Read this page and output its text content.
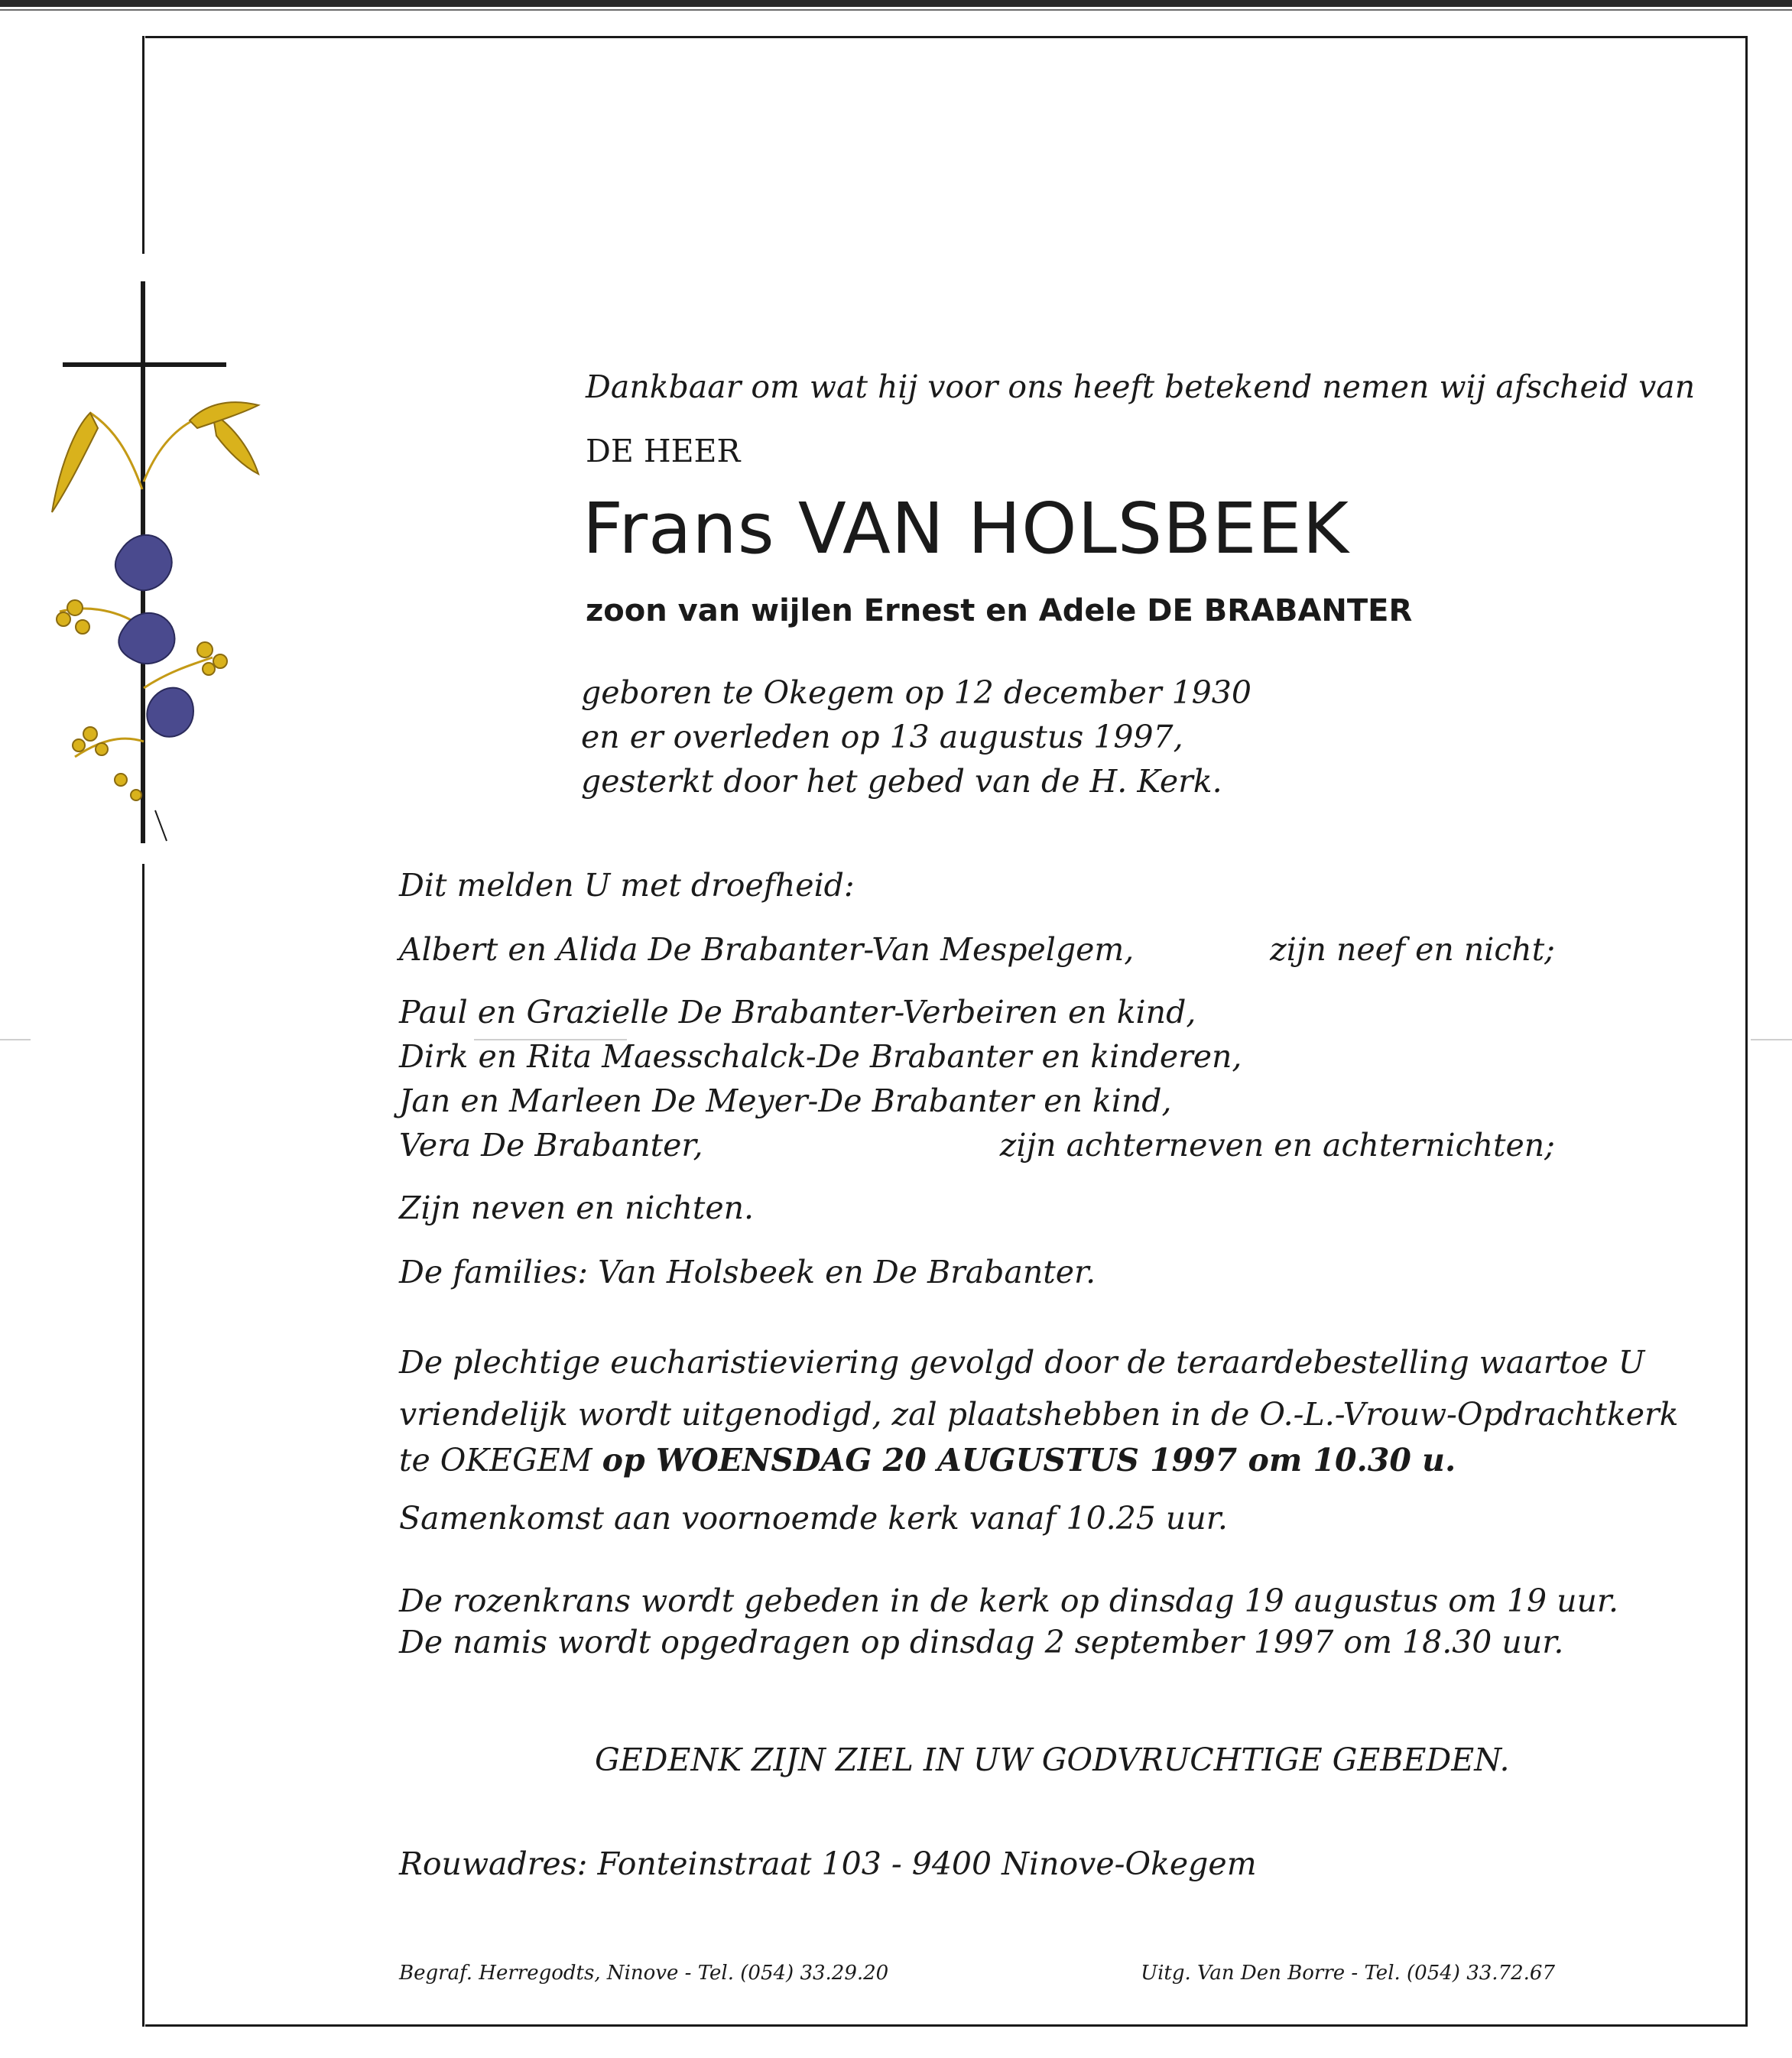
Dankbaar om wat hij voor ons heeft betekend nemen wij afscheid van
DE HEER
Frans VAN HOLSBEEK
zoon van wijlen Ernest en Adele DE BRABANTER
geboren te Okegem op 12 december 1930
en er overleden op 13 augustus 1997,
gesterkt door het gebed van de H. Kerk.
Dit melden U met droefheid:
Albert en Alida De Brabanter-Van Mespelgem,	zijn neef en nicht;
Paul en Grazielle De Brabanter-Verbeiren en kind,
Dirk en Rita Maesschalck-De Brabanter en kinderen,
Jan en Marleen De Meyer-De Brabanter en kind,
Vera De Brabanter,	zijn achterneven en achternichten;
Zijn neven en nichten.
De families: Van Holsbeek en De Brabanter.
De plechtige eucharistieviering gevolgd door de teraardebestelling waartoe U
vriendelijk wordt uitgenodigd, zal plaatshebben in de O.-L.-Vrouw-Opdrachtkerk
te OKEGEM op WOENSDAG 20 AUGUSTUS 1997 om 10.30 u.
Samenkomst aan voornoemde kerk vanaf 10.25 uur.
De rozenkrans wordt gebeden in de kerk op dinsdag 19 augustus om 19 uur.
De namis wordt opgedragen op dinsdag 2 september 1997 om 18.30 uur.
GEDENK ZIJN ZIEL IN UW GODVRUCHTIGE GEBEDEN.
Rouwadres: Fonteinstraat 103 - 9400 Ninove-Okegem
Begraf. Herregodts, Ninove - Tel. (054) 33.29.20	Uitg. Van Den Borre - Tel. (054) 33.72.67
